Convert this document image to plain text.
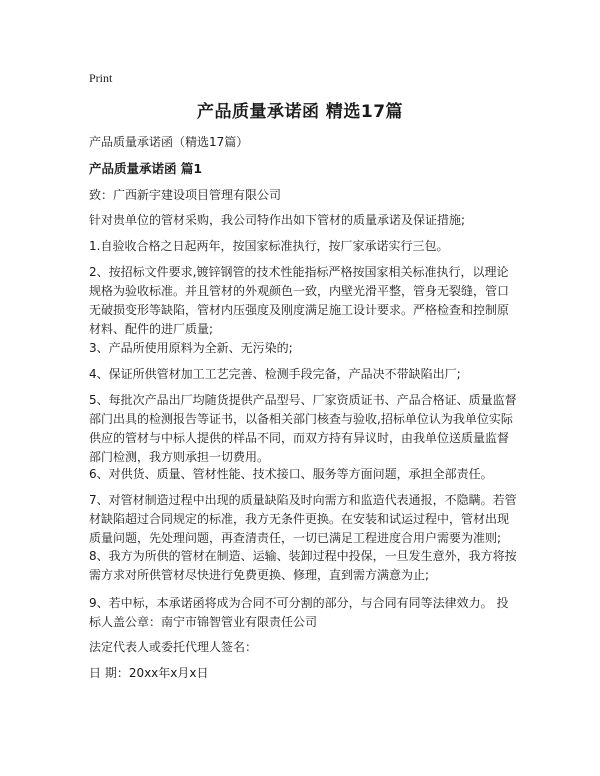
Print
产品质量承诺函 精选17篇
产品质量承诺函（精选17篇）
产品质量承诺函 篇1

致：广西新宇建设项目管理有限公司

针对贵单位的管材采购，我公司特作出如下管材的质量承诺及保证措施;

1.自验收合格之日起两年，按国家标准执行，按厂家承诺实行三包。

2、按招标文件要求,镀锌钢管的技术性能指标严格按国家相关标准执行，以理论规格为验收标准。并且管材的外观颜色一致，内壁光滑平整，管身无裂缝，管口无破损变形等缺陷，管材内压强度及刚度满足施工设计要求。严格检查和控制原材料、配件的进厂质量;

3、产品所使用原料为全新、无污染的;

4、保证所供管材加工工艺完善、检测手段完备，产品决不带缺陷出厂;

5、每批次产品出厂均随货提供产品型号、厂家资质证书、产品合格证、质量监督部门出具的检测报告等证书，以备相关部门核查与验收,招标单位认为我单位实际供应的管材与中标人提供的样品不同，而双方持有异议时，由我单位送质量监督部门检测，我方则承担一切费用。

6、对供货、质量、管材性能、技术接口、服务等方面问题，承担全部责任。

7、对管材制造过程中出现的质量缺陷及时向需方和监造代表通报，不隐瞒。若管材缺陷超过合同规定的标准，我方无条件更换。在安装和试运过程中，管材出现质量问题，先处理问题，再查清责任，一切已满足工程进度合用户需要为准则;

8、我方为所供的管材在制造、运输、装卸过程中投保，一旦发生意外，我方将按需方求对所供管材尽快进行免费更换、修理，直到需方满意为止;

9、若中标，本承诺函将成为合同不可分割的部分，与合同有同等法律效力。 投标人盖公章：南宁市锦智管业有限责任公司

法定代表人或委托代理人签名：

日 期：20xx年x月x日
